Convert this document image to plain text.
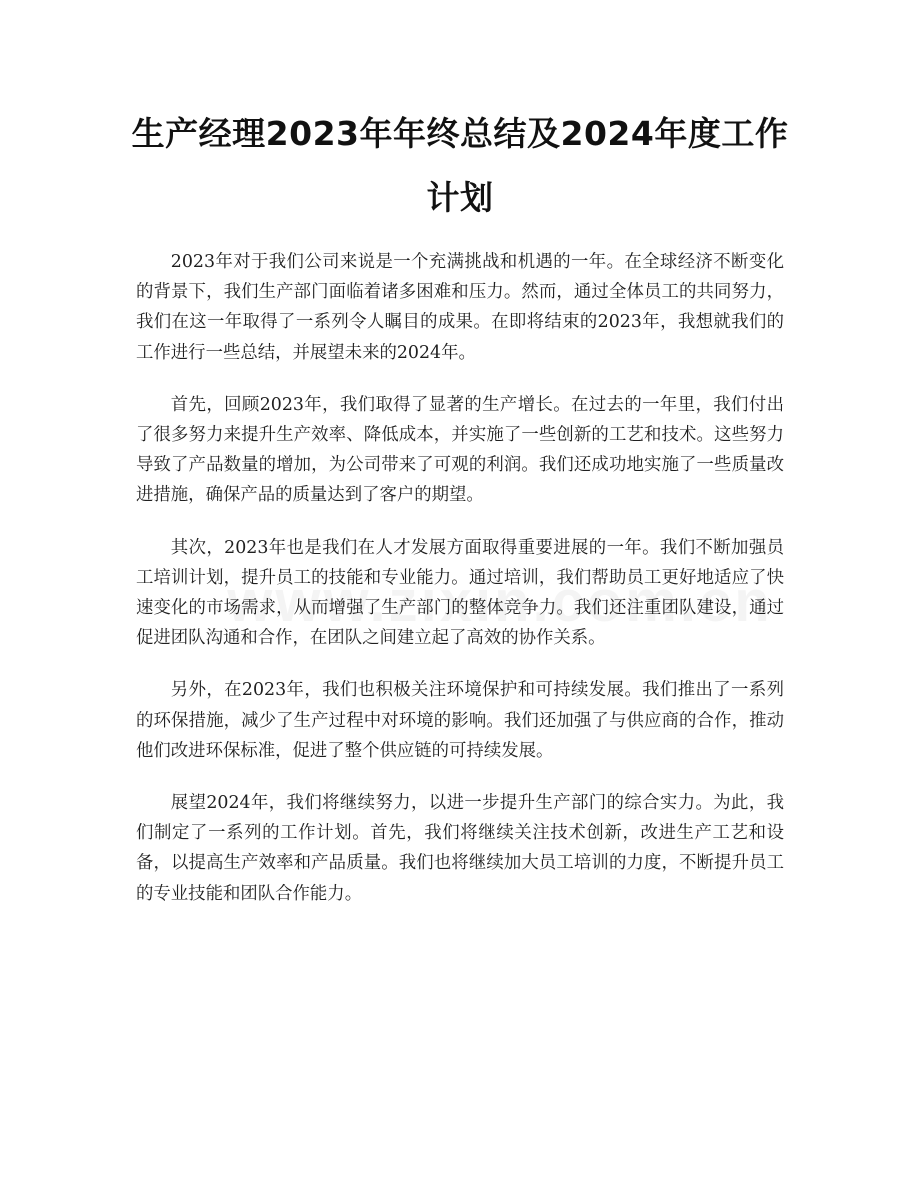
生产经理2023年年终总结及2024年度工作计划

2023年对于我们公司来说是一个充满挑战和机遇的一年。在全球经济不断变化的背景下，我们生产部门面临着诸多困难和压力。然而，通过全体员工的共同努力，我们在这一年取得了一系列令人瞩目的成果。在即将结束的2023年，我想就我们的工作进行一些总结，并展望未来的2024年。

首先，回顾2023年，我们取得了显著的生产增长。在过去的一年里，我们付出了很多努力来提升生产效率、降低成本，并实施了一些创新的工艺和技术。这些努力导致了产品数量的增加，为公司带来了可观的利润。我们还成功地实施了一些质量改进措施，确保产品的质量达到了客户的期望。

其次，2023年也是我们在人才发展方面取得重要进展的一年。我们不断加强员工培训计划，提升员工的技能和专业能力。通过培训，我们帮助员工更好地适应了快速变化的市场需求，从而增强了生产部门的整体竞争力。我们还注重团队建设，通过促进团队沟通和合作，在团队之间建立起了高效的协作关系。

另外，在2023年，我们也积极关注环境保护和可持续发展。我们推出了一系列的环保措施，减少了生产过程中对环境的影响。我们还加强了与供应商的合作，推动他们改进环保标准，促进了整个供应链的可持续发展。

展望2024年，我们将继续努力，以进一步提升生产部门的综合实力。为此，我们制定了一系列的工作计划。首先，我们将继续关注技术创新，改进生产工艺和设备，以提高生产效率和产品质量。我们也将继续加大员工培训的力度，不断提升员工的专业技能和团队合作能力。
